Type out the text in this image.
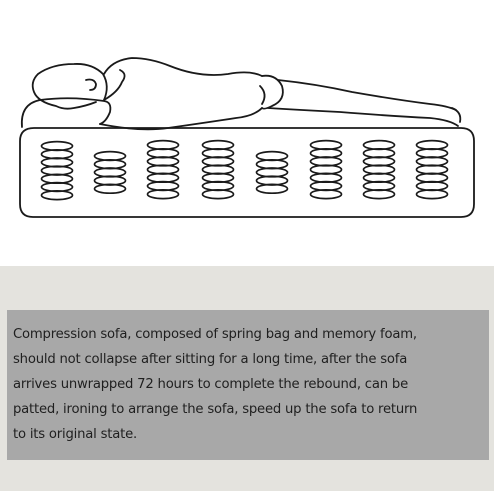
Compression sofa, composed of spring bag and memory foam,
should not collapse after sitting for a long time, after the sofa
arrives unwrapped 72 hours to complete the rebound, can be
patted, ironing to arrange the sofa, speed up the sofa to return
to its original state.
